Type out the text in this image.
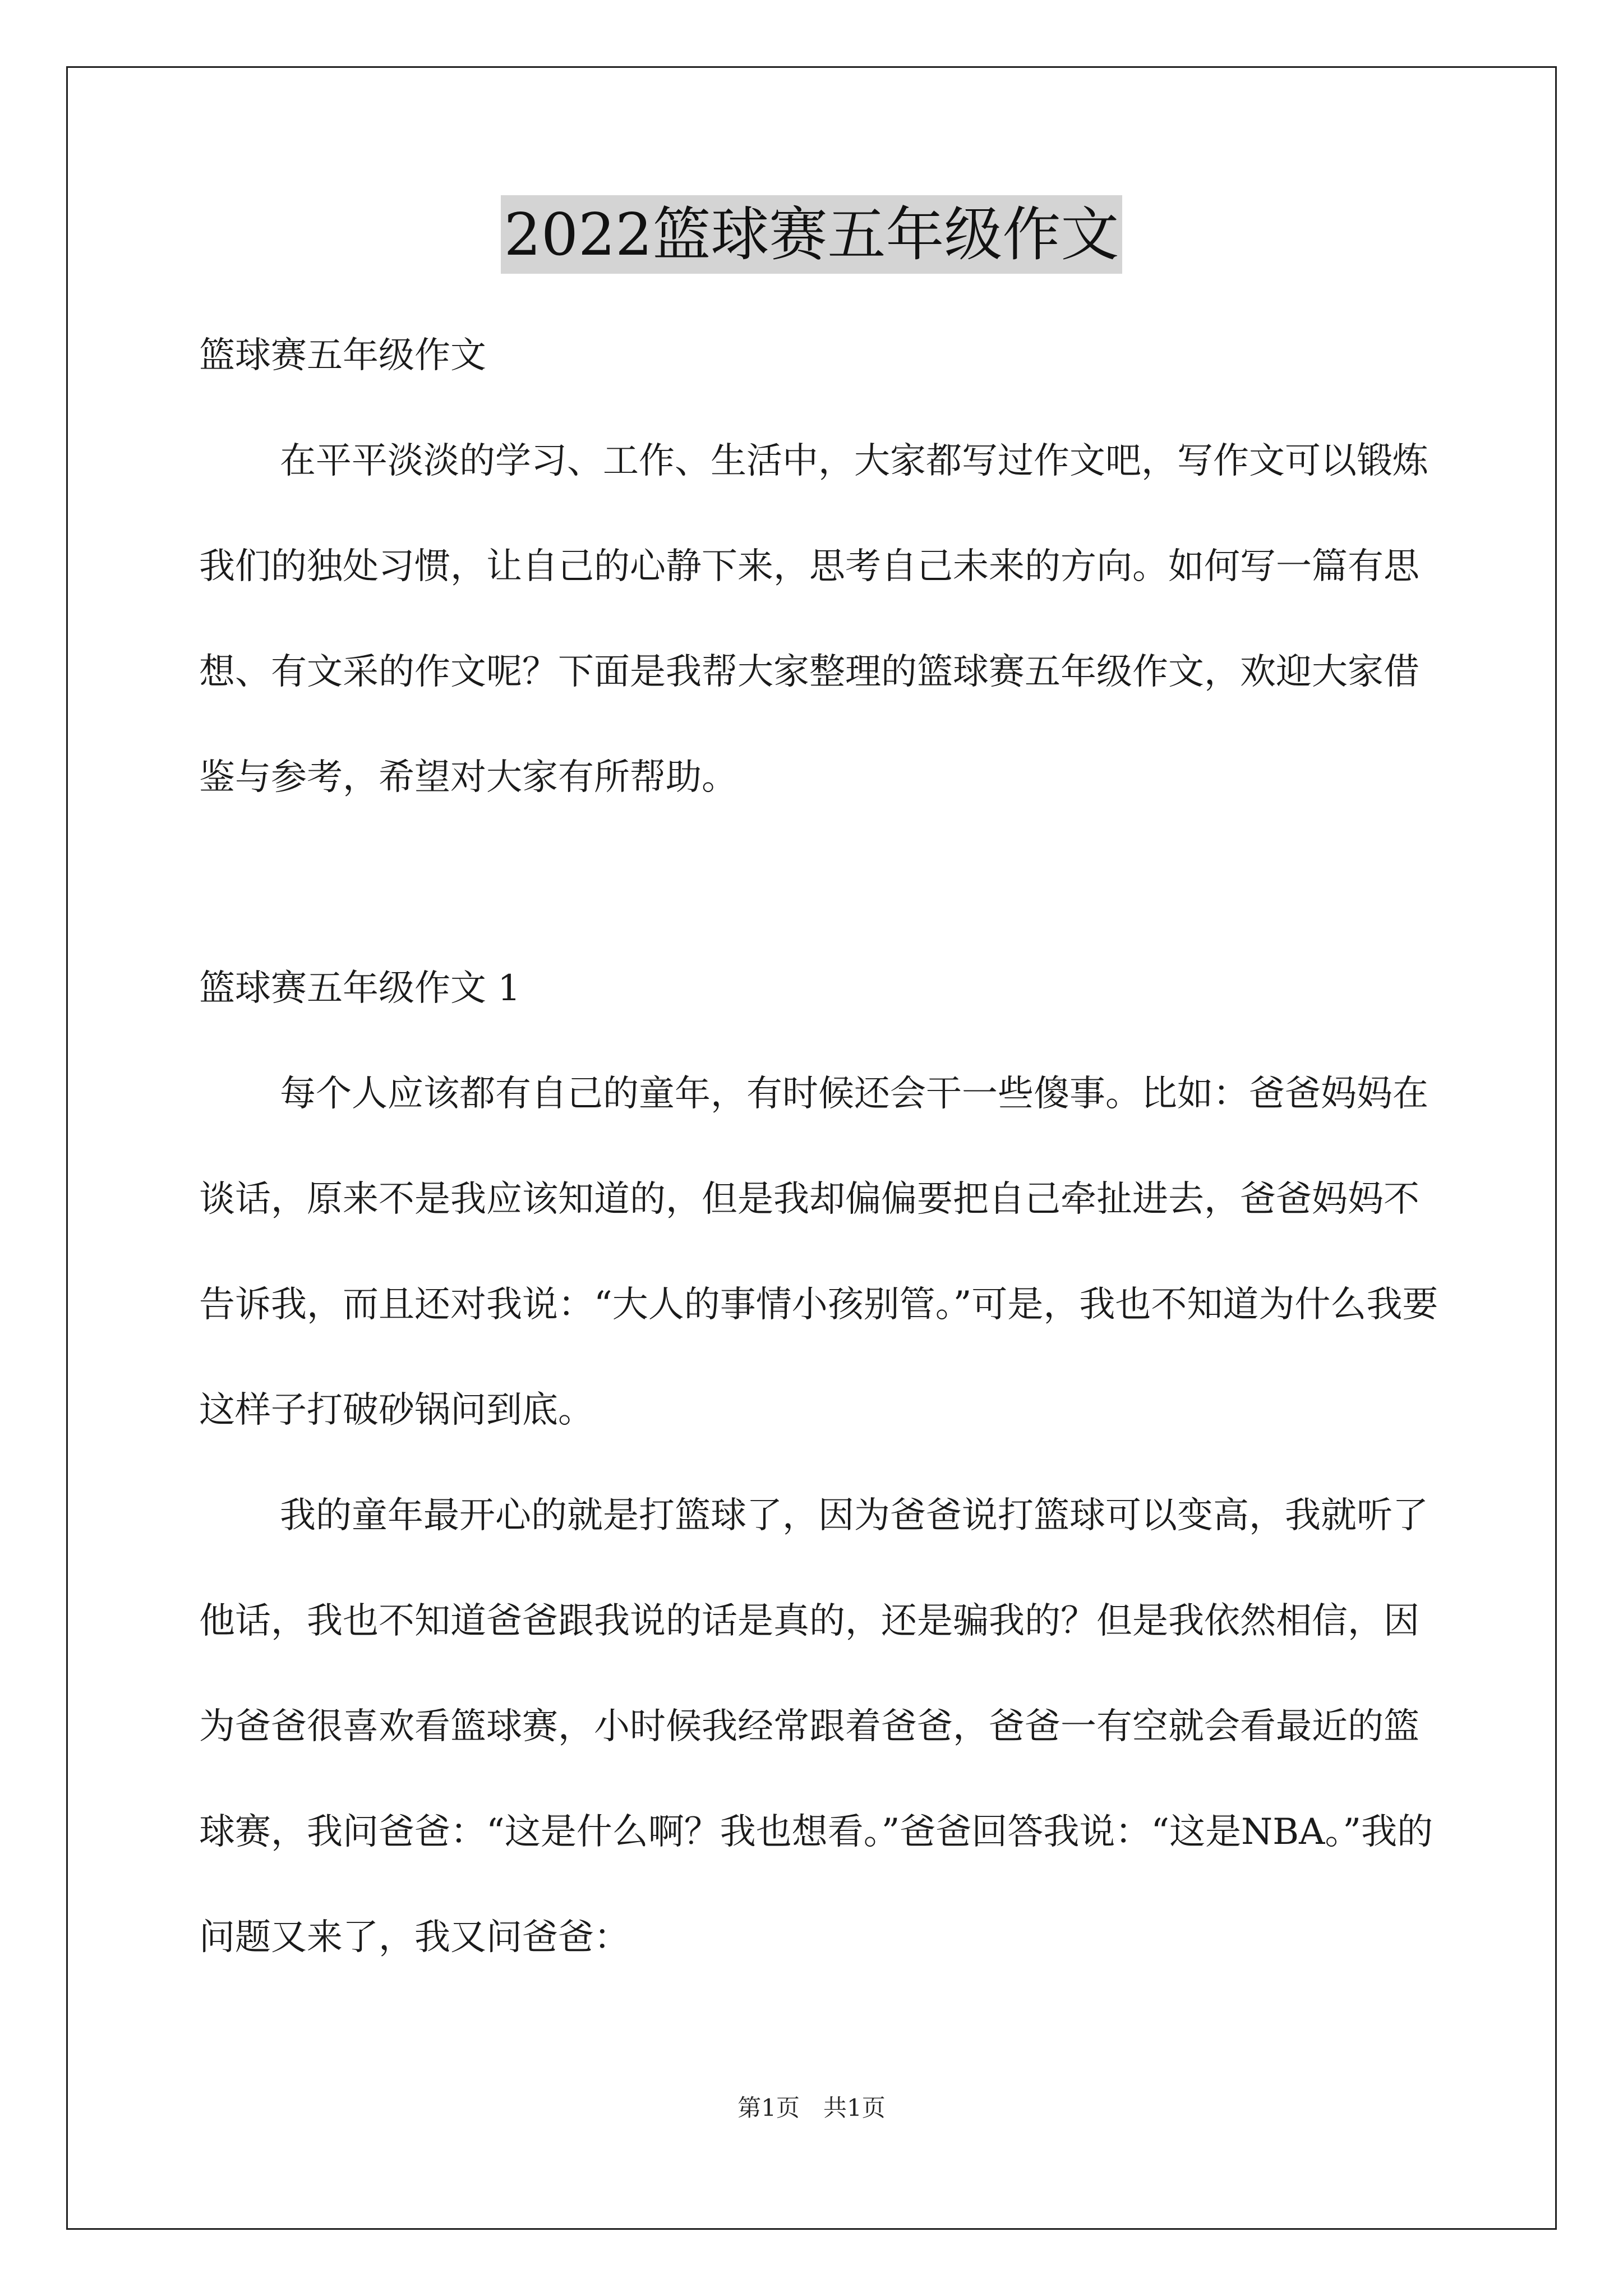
2022篮球赛五年级作文

篮球赛五年级作文

在平平淡淡的学习、工作、生活中，大家都写过作文吧，写作文可以锻炼我们的独处习惯，让自己的心静下来，思考自己未来的方向。如何写一篇有思想、有文采的作文呢？下面是我帮大家整理的篮球赛五年级作文，欢迎大家借鉴与参考，希望对大家有所帮助。

篮球赛五年级作文 1

每个人应该都有自己的童年，有时候还会干一些傻事。比如：爸爸妈妈在谈话，原来不是我应该知道的，但是我却偏偏要把自己牵扯进去，爸爸妈妈不告诉我，而且还对我说：“大人的事情小孩别管。”可是，我也不知道为什么我要这样子打破砂锅问到底。

我的童年最开心的就是打篮球了，因为爸爸说打篮球可以变高，我就听了他话，我也不知道爸爸跟我说的话是真的，还是骗我的？但是我依然相信，因为爸爸很喜欢看篮球赛，小时候我经常跟着爸爸，爸爸一有空就会看最近的篮球赛，我问爸爸：“这是什么啊？我也想看。”爸爸回答我说：“这是NBA。”我的问题又来了，我又问爸爸：

第1页　共1页
